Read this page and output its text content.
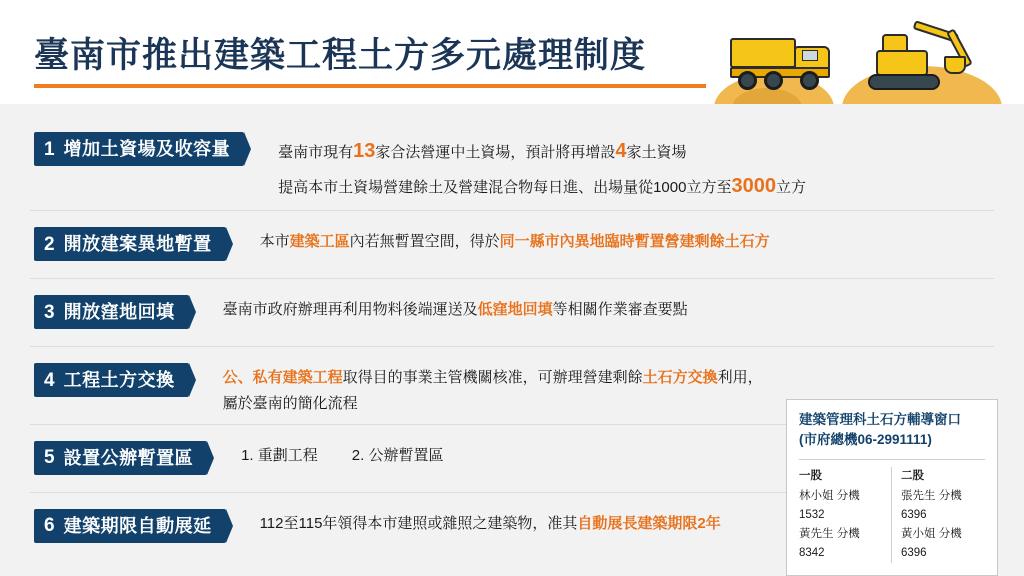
臺南市推出建築工程土方多元處理制度
1 增加土資場及收容量	臺南市現有13家合法營運中土資場，預計將再增設4家土資場
提高本市土資場營建餘土及營建混合物每日進、出場量從1000立方至3000立方
2 開放建案異地暫置	本市建築工區內若無暫置空間，得於同一縣市內異地臨時暫置營建剩餘土石方
3 開放窪地回填	臺南市政府辦理再利用物料後端運送及低窪地回填等相關作業審查要點
4 工程土方交換	公、私有建築工程取得目的事業主管機關核准，可辦理營建剩餘土石方交換利用，
屬於臺南的簡化流程
5 設置公辦暫置區	1. 重劃工程 2. 公辦暫置區
6 建築期限自動展延	112至115年領得本市建照或雜照之建築物，准其自動展長建築期限2年
建築管理科土石方輔導窗口
(市府總機06-2991111)
一股
林小姐 分機1532
黃先生 分機8342
二股
張先生 分機6396
黃小姐 分機6396
